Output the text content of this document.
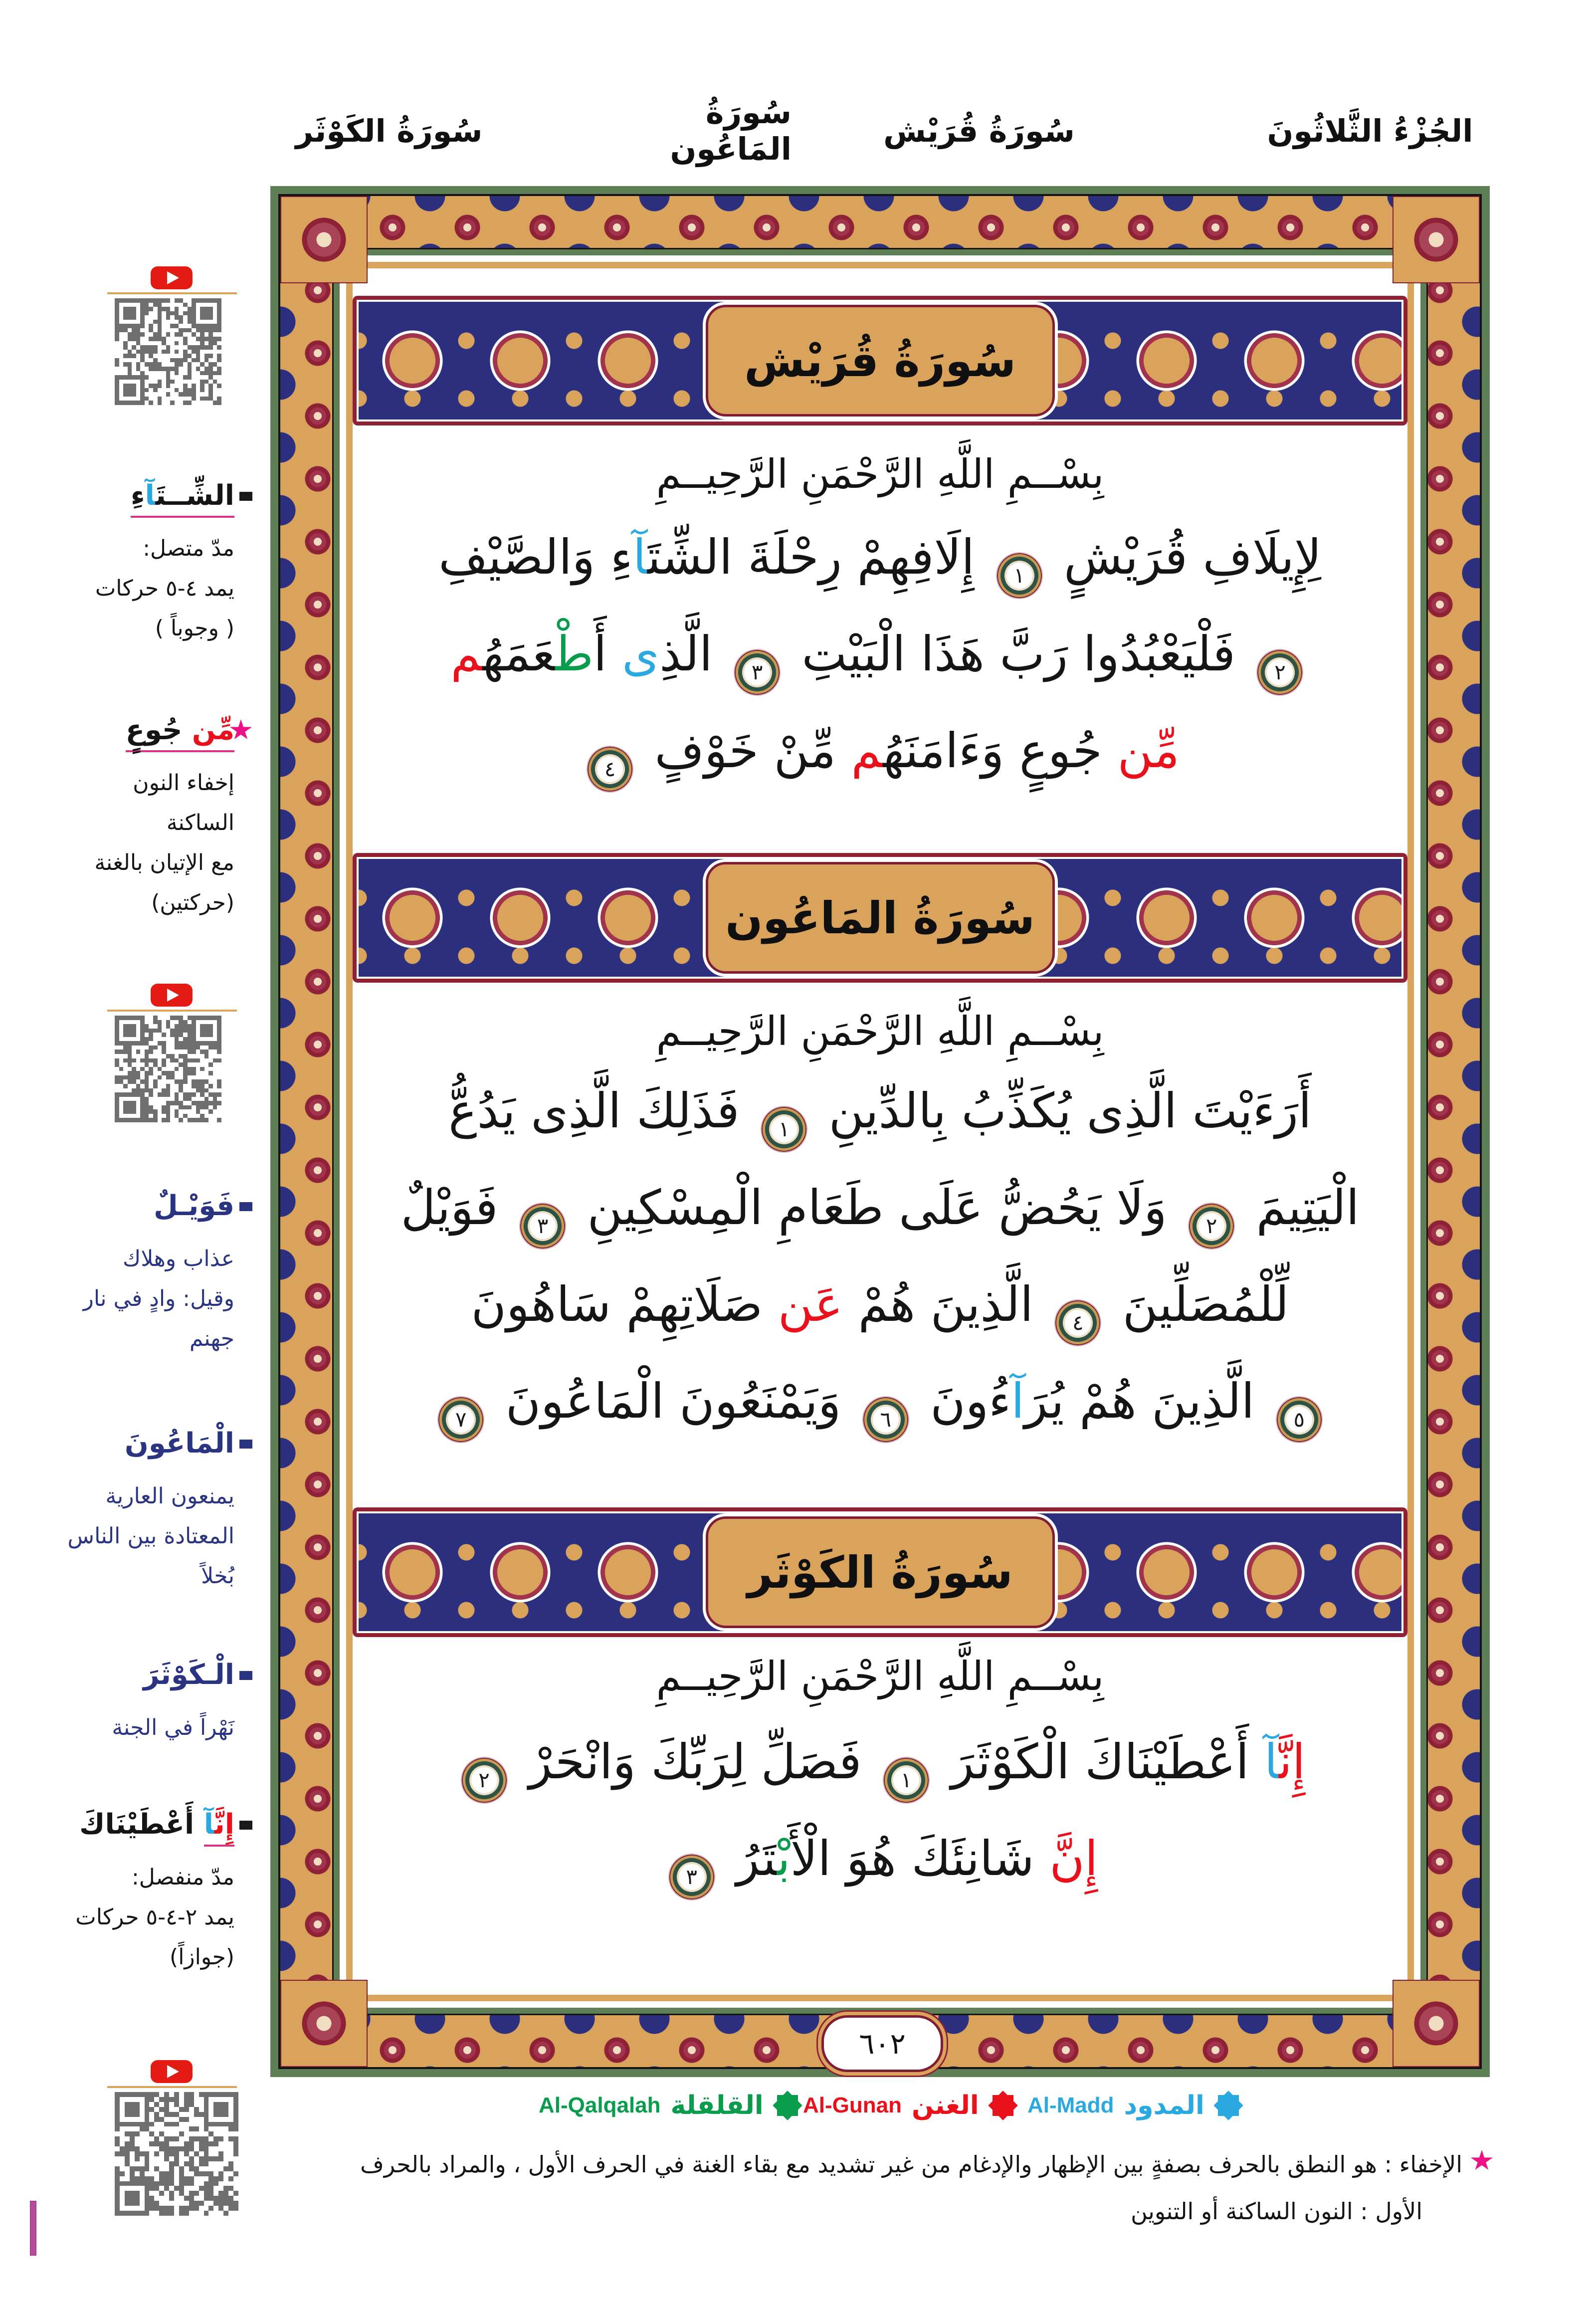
الجُزْءُ الثَّلاثُونَ
سُورَةُ قُرَيْش
سُورَةُ المَاعُون
سُورَةُ الكَوْثَر
سُورَةُ قُرَيْش
بِسْــمِ اللَّهِ الرَّحْمَنِ الرَّحِيــمِ
لِإِيلَافِ قُرَيْشٍ ١ إِلَافِهِمْ رِحْلَةَ الشِّتَآءِ وَالصَّيْفِ
٢ فَلْيَعْبُدُوا رَبَّ هَذَا الْبَيْتِ ٣ الَّذِى أَطْعَمَهُم
مِّن جُوعٍ وَءَامَنَهُم مِّنْ خَوْفٍ ٤
سُورَةُ المَاعُون
بِسْــمِ اللَّهِ الرَّحْمَنِ الرَّحِيــمِ
أَرَءَيْتَ الَّذِى يُكَذِّبُ بِالدِّينِ ١ فَذَلِكَ الَّذِى يَدُعُّ
الْيَتِيمَ ٢ وَلَا يَحُضُّ عَلَى طَعَامِ الْمِسْكِينِ ٣ فَوَيْلٌ
لِّلْمُصَلِّينَ ٤ الَّذِينَ هُمْ عَن صَلَاتِهِمْ سَاهُونَ
٥ الَّذِينَ هُمْ يُرَآءُونَ ٦ وَيَمْنَعُونَ الْمَاعُونَ ٧
سُورَةُ الكَوْثَر
بِسْــمِ اللَّهِ الرَّحْمَنِ الرَّحِيــمِ
إِنَّآ أَعْطَيْنَاكَ الْكَوْثَرَ ١ فَصَلِّ لِرَبِّكَ وَانْحَرْ ٢
إِنَّ شَانِئَكَ هُوَ الْأَبْتَرُ ٣
٦٠٢
الشِّــتَآءِ
مدّ متصل:
يمد ٤-٥ حركات
( وجوباً )
مِّن جُوعٍ
إخفاء النون
الساكنة
مع الإتيان بالغنة
(حركتين)
فَوَيْـلٌ
عذاب وهلاك
وقيل: وادٍ في نار
جهنم
الْمَاعُونَ
يمنعون العارية
المعتادة بين الناس
بُخلاً
الْـكَوْثَرَ
نَهْراً في الجنة
إِنَّآ أَعْطَيْنَاكَ
مدّ منفصل:
يمد ٢-٤-٥ حركات
(جوازاً)
Al-Madd المدود
Al-Gunan الغنن
Al-Qalqalah القلقلة
الإخفاء : هو النطق بالحرف بصفةٍ بين الإظهار والإدغام من غير تشديد مع بقاء الغنة في الحرف الأول ، والمراد بالحرف
الأول : النون الساكنة أو التنوين
